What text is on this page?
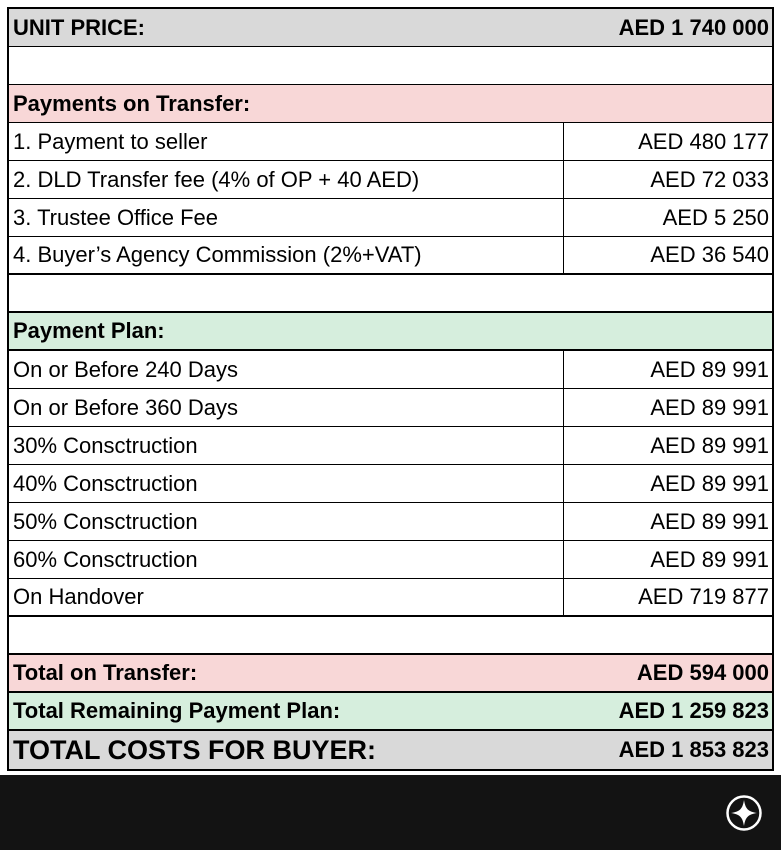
UNIT PRICE:	AED 1 740 000
Payments on Transfer:
1. Payment to seller	AED 480 177
2. DLD Transfer fee (4% of OP + 40 AED)	AED 72 033
3. Trustee Office Fee	AED 5 250
4. Buyer’s Agency Commission (2%+VAT)	AED 36 540
Payment Plan:
On or Before 240 Days	AED 89 991
On or Before 360 Days	AED 89 991
30% Consctruction	AED 89 991
40% Consctruction	AED 89 991
50% Consctruction	AED 89 991
60% Consctruction	AED 89 991
On Handover	AED 719 877
Total on Transfer:	AED 594 000
Total Remaining Payment Plan:	AED 1 259 823
TOTAL COSTS FOR BUYER:	AED 1 853 823
